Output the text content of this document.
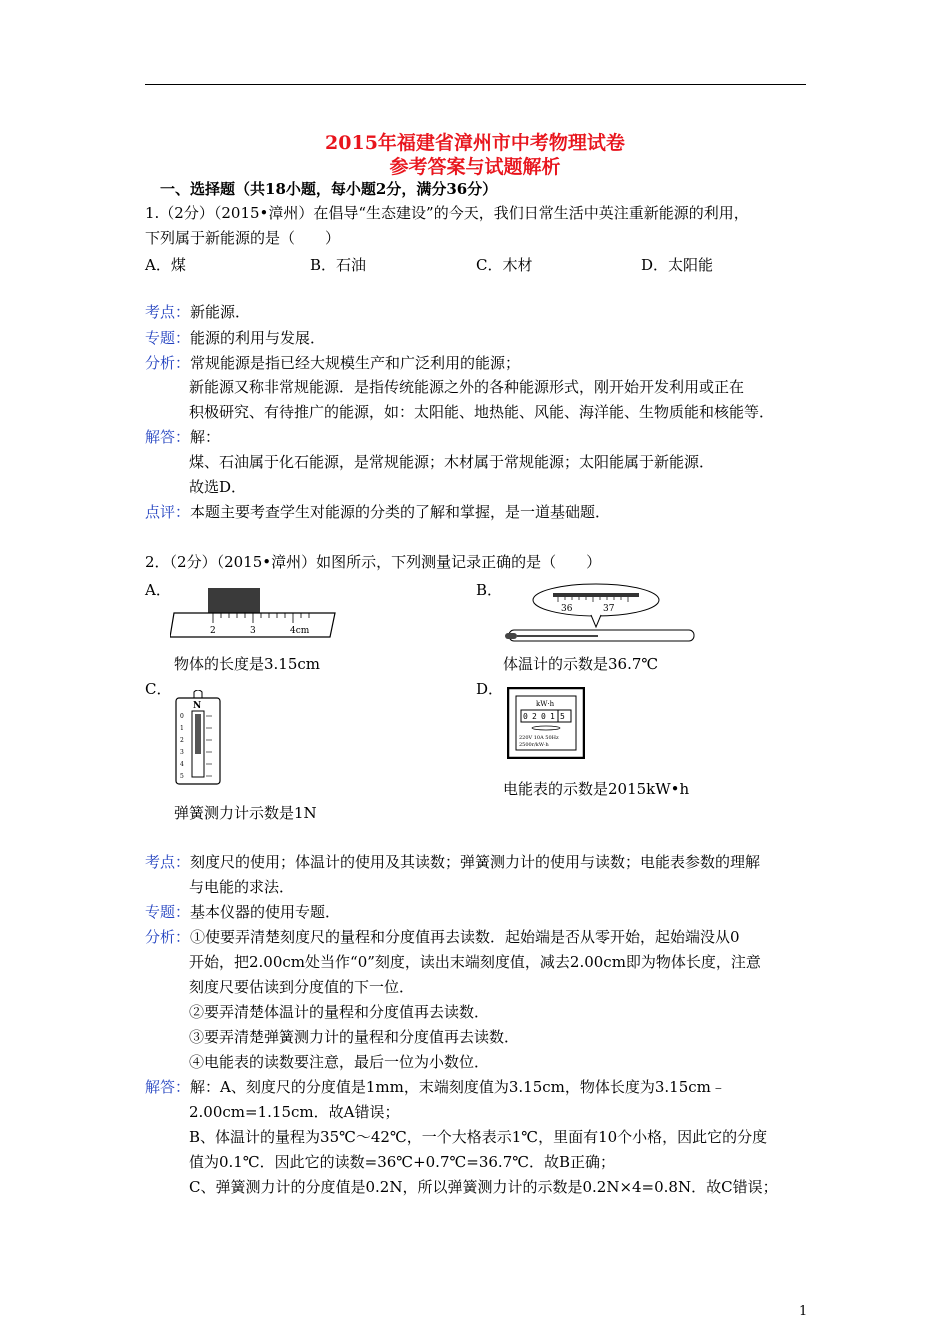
2015年福建省漳州市中考物理试卷
参考答案与试题解析
一、选择题（共18小题，每小题2分，满分36分）
1.（2分）（2015•漳州）在倡导“生态建设”的今天，我们日常生活中英注重新能源的利用，
下列属于新能源的是（　　）
A．煤	B．石油	C．木材	D．太阳能
考点：新能源．
专题：能源的利用与发展．
分析：常规能源是指已经大规模生产和广泛利用的能源；
新能源又称非常规能源．是指传统能源之外的各种能源形式，刚开始开发利用或正在
积极研究、有待推广的能源，如：太阳能、地热能、风能、海洋能、生物质能和核能等．
解答：解：
煤、石油属于化石能源，是常规能源；木材属于常规能源；太阳能属于新能源．
故选D．
点评：本题主要考查学生对能源的分类的了解和掌握，是一道基础题．
2．（2分）（2015•漳州）如图所示，下列测量记录正确的是（　　）
A．	B．
2	3	4cm
36	37
物体的长度是3.15cm	体温计的示数是36.7℃
C．	D．
N
0
1
2
3
4
5
kW·h
0 2 0 1 5
220V 10A 50Hz
2500r/kW·h
电能表的示数是2015kW•h
弹簧测力计示数是1N
考点：刻度尺的使用；体温计的使用及其读数；弹簧测力计的使用与读数；电能表参数的理解
与电能的求法．
专题：基本仪器的使用专题．
分析：①使要弄清楚刻度尺的量程和分度值再去读数．起始端是否从零开始，起始端没从0
开始，把2.00cm处当作“0”刻度，读出末端刻度值，减去2.00cm即为物体长度，注意
刻度尺要估读到分度值的下一位．
②要弄清楚体温计的量程和分度值再去读数．
③要弄清楚弹簧测力计的量程和分度值再去读数．
④电能表的读数要注意，最后一位为小数位．
解答：解：A、刻度尺的分度值是1mm，末端刻度值为3.15cm，物体长度为3.15cm﹣
2.00cm=1.15cm．故A错误；
B、体温计的量程为35℃～42℃，一个大格表示1℃，里面有10个小格，因此它的分度
值为0.1℃．因此它的读数=36℃+0.7℃=36.7℃．故B正确；
C、弹簧测力计的分度值是0.2N，所以弹簧测力计的示数是0.2N×4=0.8N．故C错误；
1
